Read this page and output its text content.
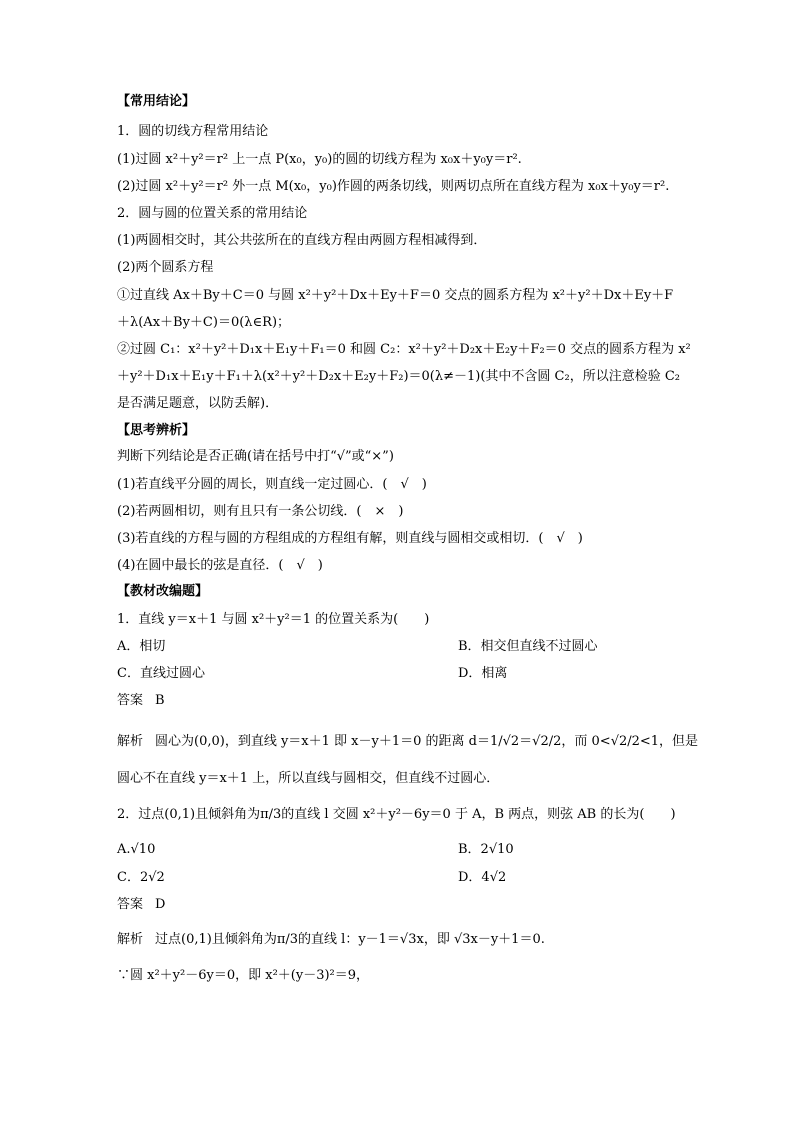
【常用结论】
1．圆的切线方程常用结论
(1)过圆 x²＋y²＝r² 上一点 P(x₀，y₀)的圆的切线方程为 x₀x＋y₀y＝r².
(2)过圆 x²＋y²＝r² 外一点 M(x₀，y₀)作圆的两条切线，则两切点所在直线方程为 x₀x＋y₀y＝r².
2．圆与圆的位置关系的常用结论
(1)两圆相交时，其公共弦所在的直线方程由两圆方程相减得到．
(2)两个圆系方程
①过直线 Ax＋By＋C＝0 与圆 x²＋y²＋Dx＋Ey＋F＝0 交点的圆系方程为 x²＋y²＋Dx＋Ey＋F
＋λ(Ax＋By＋C)＝0(λ∈R)；
②过圆 C₁：x²＋y²＋D₁x＋E₁y＋F₁＝0 和圆 C₂：x²＋y²＋D₂x＋E₂y＋F₂＝0 交点的圆系方程为 x²
＋y²＋D₁x＋E₁y＋F₁＋λ(x²＋y²＋D₂x＋E₂y＋F₂)＝0(λ≠－1)(其中不含圆 C₂，所以注意检验 C₂
是否满足题意，以防丢解)．
【思考辨析】
判断下列结论是否正确(请在括号中打“√”或“×”)
(1)若直线平分圆的周长，则直线一定过圆心．(　√　)
(2)若两圆相切，则有且只有一条公切线．(　×　)
(3)若直线的方程与圆的方程组成的方程组有解，则直线与圆相交或相切．(　√　)
(4)在圆中最长的弦是直径．(　√　)
【教材改编题】
1．直线 y＝x＋1 与圆 x²＋y²＝1 的位置关系为(　　)
A．相切	B．相交但直线不过圆心
C．直线过圆心	D．相离
答案 B
解析 圆心为(0,0)，到直线 y＝x＋1 即 x－y＋1＝0 的距离 d＝1/√2＝√2/2，而 0<√2/2<1，但是
圆心不在直线 y＝x＋1 上，所以直线与圆相交，但直线不过圆心．
2．过点(0,1)且倾斜角为π/3的直线 l 交圆 x²＋y²－6y＝0 于 A，B 两点，则弦 AB 的长为(　　)
A.√10	B．2√10
C．2√2	D．4√2
答案 D
解析 过点(0,1)且倾斜角为π/3的直线 l：y－1＝√3x，即 √3x－y＋1＝0.
∵圆 x²＋y²－6y＝0，即 x²＋(y－3)²＝9，
